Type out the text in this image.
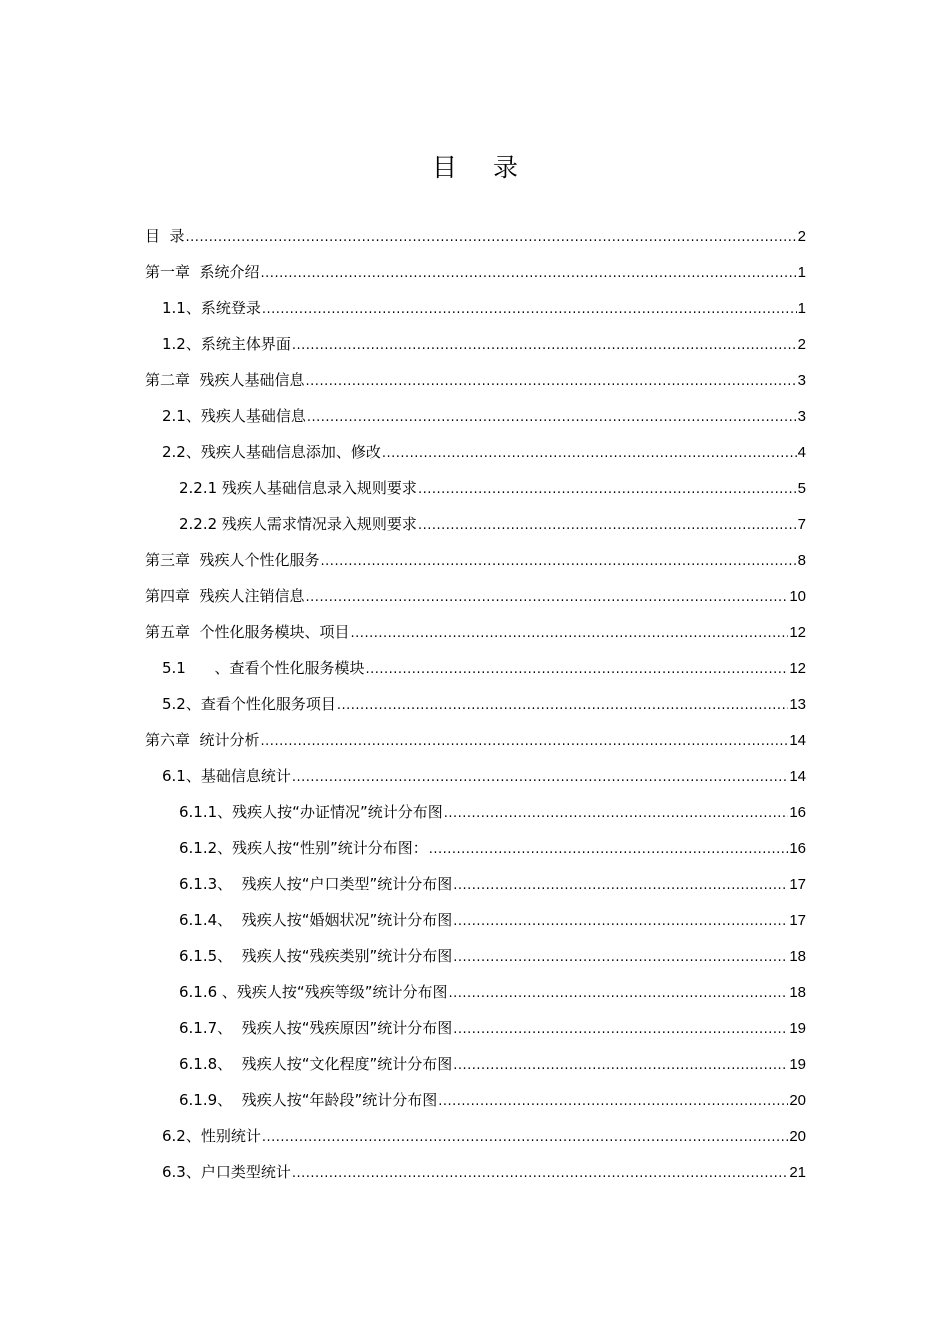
目 录
目  录 .....	2
第一章  系统介绍 .....	1
1.1、系统登录 .....	1
1.2、系统主体界面 .....	2
第二章  残疾人基础信息 .....	3
2.1、残疾人基础信息 .....	3
2.2、残疾人基础信息添加、修改 .....	4
2.2.1 残疾人基础信息录入规则要求 .....	5
2.2.2 残疾人需求情况录入规则要求 .....	7
第三章  残疾人个性化服务 .....	8
第四章  残疾人注销信息 .....	10
第五章  个性化服务模块、项目 .....	12
5.1      、查看个性化服务模块 .....	12
5.2、查看个性化服务项目 .....	13
第六章  统计分析 .....	14
6.1、基础信息统计 .....	14
6.1.1、残疾人按“办证情况”统计分布图 .....	16
6.1.2、残疾人按“性别”统计分布图： .....	16
6.1.3、  残疾人按“户口类型”统计分布图 .....	17
6.1.4、  残疾人按“婚姻状况”统计分布图 .....	17
6.1.5、  残疾人按“残疾类别”统计分布图 .....	18
6.1.6 、残疾人按“残疾等级”统计分布图 .....	18
6.1.7、  残疾人按“残疾原因”统计分布图 .....	19
6.1.8、  残疾人按“文化程度”统计分布图 .....	19
6.1.9、  残疾人按“年龄段”统计分布图 .....	20
6.2、性别统计 .....	20
6.3、户口类型统计 .....	21
